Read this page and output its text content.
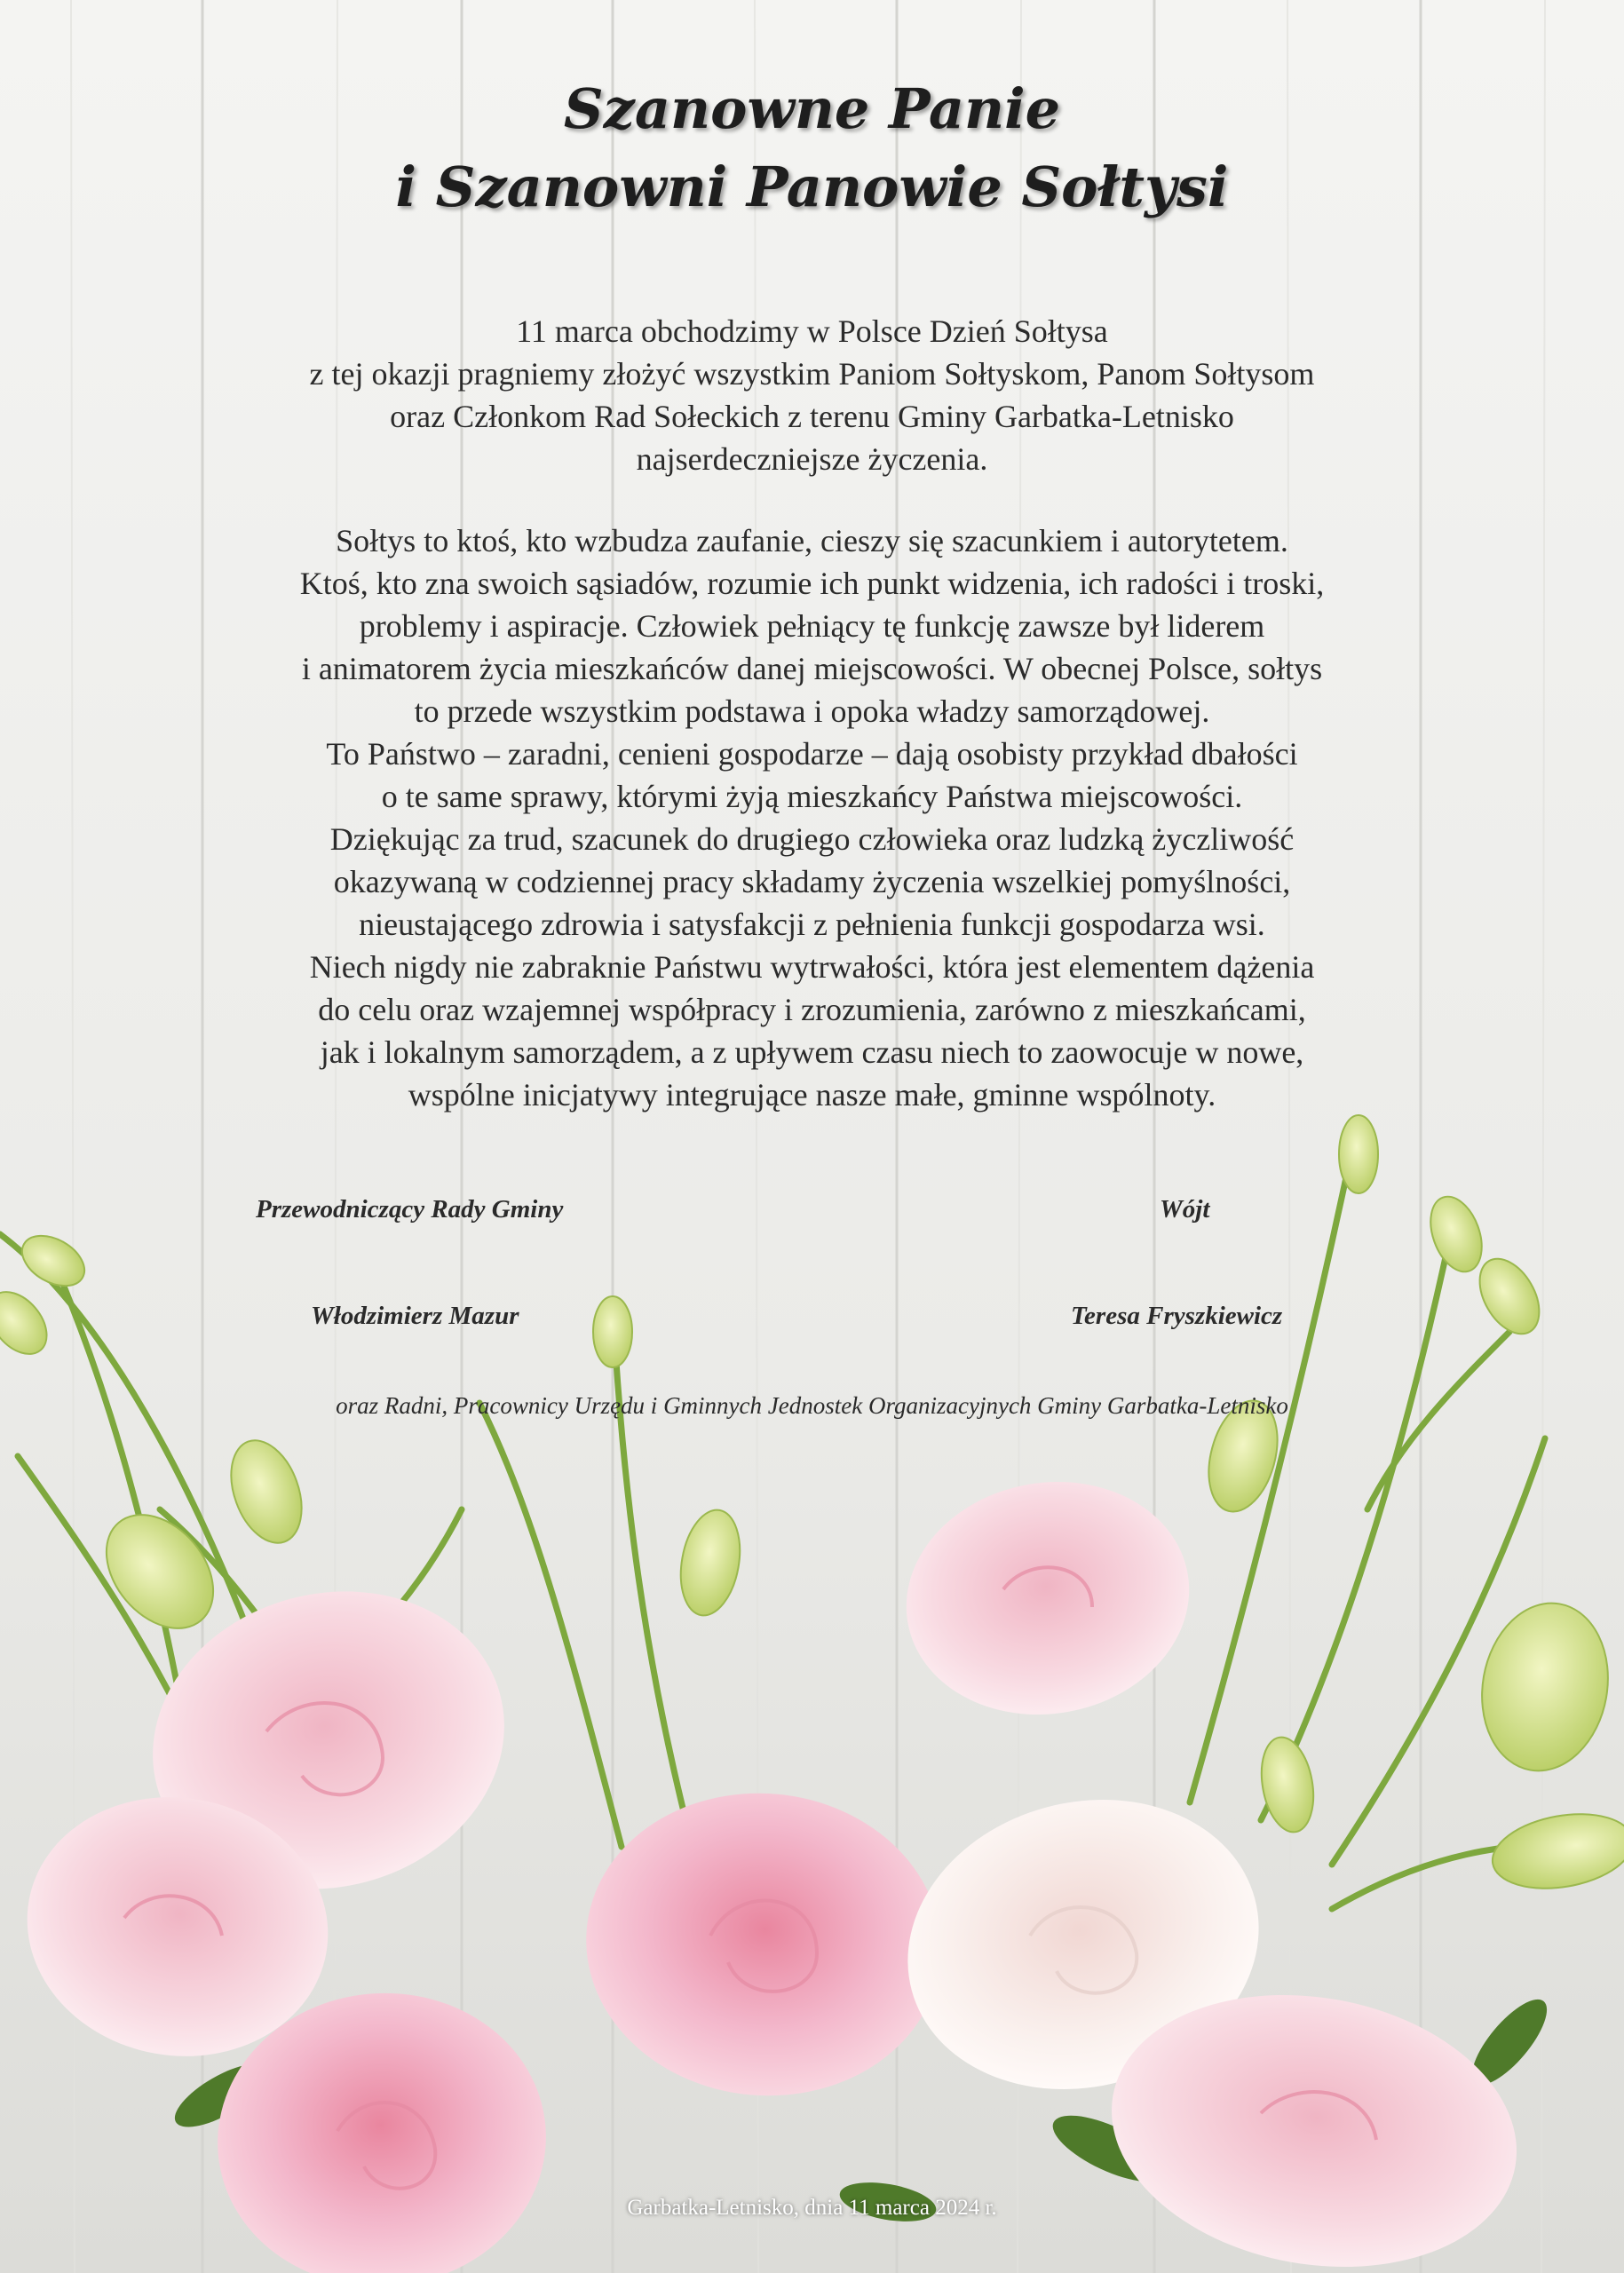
Szanowne Panie
i Szanowni Panowie Sołtysi
11 marca obchodzimy w Polsce Dzień Sołtysa
z tej okazji pragniemy złożyć wszystkim Paniom Sołtyskom, Panom Sołtysom
oraz Członkom Rad Sołeckich z terenu Gminy Garbatka-Letnisko
najserdeczniejsze życzenia.
Sołtys to ktoś, kto wzbudza zaufanie, cieszy się szacunkiem i autorytetem.
Ktoś, kto zna swoich sąsiadów, rozumie ich punkt widzenia, ich radości i troski,
problemy i aspiracje. Człowiek pełniący tę funkcję zawsze był liderem
i animatorem życia mieszkańców danej miejscowości. W obecnej Polsce, sołtys
to przede wszystkim podstawa i opoka władzy samorządowej.
To Państwo – zaradni, cenieni gospodarze – dają osobisty przykład dbałości
o te same sprawy, którymi żyją mieszkańcy Państwa miejscowości.
Dziękując za trud, szacunek do drugiego człowieka oraz ludzką życzliwość
okazywaną w codziennej pracy składamy życzenia wszelkiej pomyślności,
nieustającego zdrowia i satysfakcji z pełnienia funkcji gospodarza wsi.
Niech nigdy nie zabraknie Państwu wytrwałości, która jest elementem dążenia
do celu oraz wzajemnej współpracy i zrozumienia, zarówno z mieszkańcami,
jak i lokalnym samorządem, a z upływem czasu niech to zaowocuje w nowe,
wspólne inicjatywy integrujące nasze małe, gminne wspólnoty.
Przewodniczący Rady Gminy	Wójt
Włodzimierz Mazur	Teresa Fryszkiewicz
oraz Radni, Pracownicy Urzędu i Gminnych Jednostek Organizacyjnych Gminy Garbatka-Letnisko
Garbatka-Letnisko, dnia 11 marca 2024 r.
